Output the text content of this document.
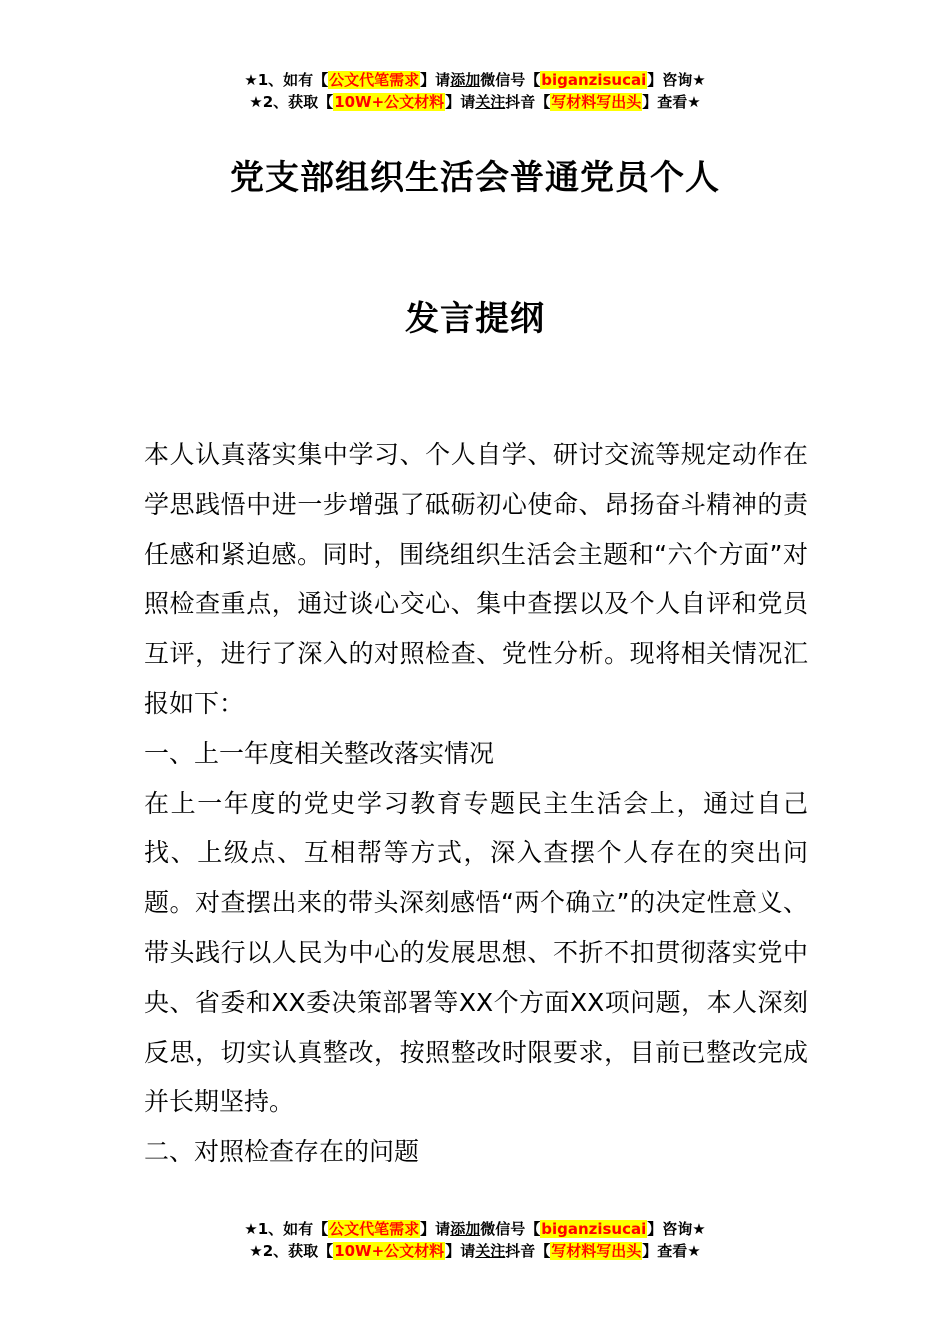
★1、如有【公文代笔需求】请添加微信号【biganzisucai】咨询★
★2、获取【10W+公文材料】请关注抖音【写材料写出头】查看★
党支部组织生活会普通党员个人
发言提纲

本人认真落实集中学习、个人自学、研讨交流等规定动作在学思践悟中进一步增强了砥砺初心使命、昂扬奋斗精神的责任感和紧迫感。同时，围绕组织生活会主题和“六个方面”对照检查重点，通过谈心交心、集中查摆以及个人自评和党员互评，进行了深入的对照检查、党性分析。现将相关情况汇报如下：

一、上一年度相关整改落实情况

在上一年度的党史学习教育专题民主生活会上，通过自己找、上级点、互相帮等方式，深入查摆个人存在的突出问题。对查摆出来的带头深刻感悟“两个确立”的决定性意义、带头践行以人民为中心的发展思想、不折不扣贯彻落实党中央、省委和XX委决策部署等XX个方面XX项问题，本人深刻反思，切实认真整改，按照整改时限要求，目前已整改完成并长期坚持。

二、对照检查存在的问题

★1、如有【公文代笔需求】请添加微信号【biganzisucai】咨询★
★2、获取【10W+公文材料】请关注抖音【写材料写出头】查看★
